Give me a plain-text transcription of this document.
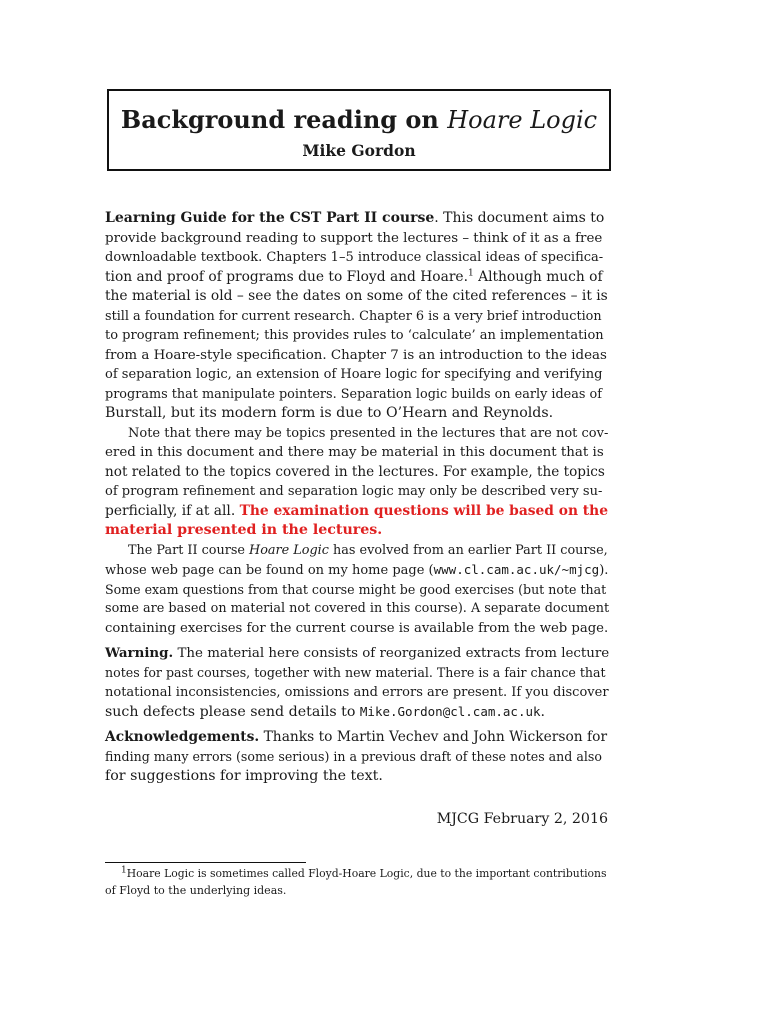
Background reading on Hoare Logic
Mike Gordon
Learning Guide for the CST Part II course. This document aims to
provide background reading to support the lectures – think of it as a free
downloadable textbook. Chapters 1–5 introduce classical ideas of specifica-
tion and proof of programs due to Floyd and Hoare.$^1$ Although much of
the material is old – see the dates on some of the cited references – it is
still a foundation for current research. Chapter 6 is a very brief introduction
to program refinement; this provides rules to ‘calculate’ an implementation
from a Hoare-style specification. Chapter 7 is an introduction to the ideas
of separation logic, an extension of Hoare logic for specifying and verifying
programs that manipulate pointers. Separation logic builds on early ideas of
Burstall, but its modern form is due to O’Hearn and Reynolds.
Note that there may be topics presented in the lectures that are not cov-
ered in this document and there may be material in this document that is
not related to the topics covered in the lectures. For example, the topics
of program refinement and separation logic may only be described very su-
perficially, if at all. The examination questions will be based on the
material presented in the lectures.
The Part II course Hoare Logic has evolved from an earlier Part II course,
whose web page can be found on my home page (www.cl.cam.ac.uk/~mjcg).
Some exam questions from that course might be good exercises (but note that
some are based on material not covered in this course). A separate document
containing exercises for the current course is available from the web page.
Warning. The material here consists of reorganized extracts from lecture
notes for past courses, together with new material. There is a fair chance that
notational inconsistencies, omissions and errors are present. If you discover
such defects please send details to Mike.Gordon@cl.cam.ac.uk.
Acknowledgements. Thanks to Martin Vechev and John Wickerson for
finding many errors (some serious) in a previous draft of these notes and also
for suggestions for improving the text.
MJCG February 2, 2016
$^1$Hoare Logic is sometimes called Floyd-Hoare Logic, due to the important contributions
of Floyd to the underlying ideas.
